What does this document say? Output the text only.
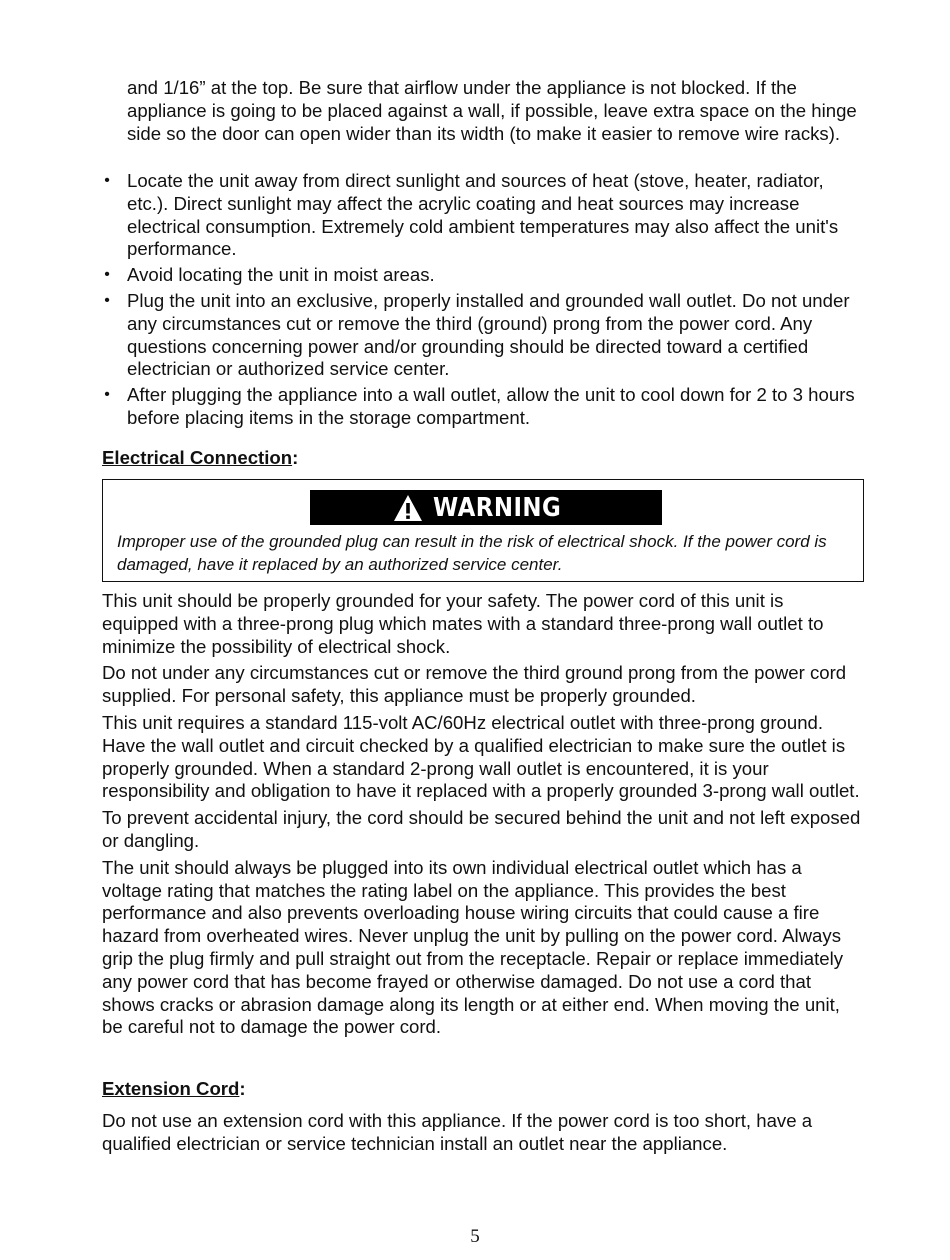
and 1/16” at the top. Be sure that airflow under the appliance is not blocked. If the appliance is going to be placed against a wall, if possible, leave extra space on the hinge side so the door can open wider than its width (to make it easier to remove wire racks).
• Locate the unit away from direct sunlight and sources of heat (stove, heater, radiator, etc.). Direct sunlight may affect the acrylic coating and heat sources may increase electrical consumption. Extremely cold ambient temperatures may also affect the unit's performance.
• Avoid locating the unit in moist areas.
• Plug the unit into an exclusive, properly installed and grounded wall outlet. Do not under any circumstances cut or remove the third (ground) prong from the power cord. Any questions concerning power and/or grounding should be directed toward a certified electrician or authorized service center.
• After plugging the appliance into a wall outlet, allow the unit to cool down for 2 to 3 hours before placing items in the storage compartment.
Electrical Connection:
WARNING
Improper use of the grounded plug can result in the risk of electrical shock. If the power cord is damaged, have it replaced by an authorized service center.

This unit should be properly grounded for your safety. The power cord of this unit is equipped with a three-prong plug which mates with a standard three-prong wall outlet to minimize the possibility of electrical shock.

Do not under any circumstances cut or remove the third ground prong from the power cord supplied. For personal safety, this appliance must be properly grounded.

This unit requires a standard 115-volt AC/60Hz electrical outlet with three-prong ground. Have the wall outlet and circuit checked by a qualified electrician to make sure the outlet is properly grounded. When a standard 2-prong wall outlet is encountered, it is your responsibility and obligation to have it replaced with a properly grounded 3-prong wall outlet.

To prevent accidental injury, the cord should be secured behind the unit and not left exposed or dangling.

The unit should always be plugged into its own individual electrical outlet which has a voltage rating that matches the rating label on the appliance. This provides the best performance and also prevents overloading house wiring circuits that could cause a fire hazard from overheated wires. Never unplug the unit by pulling on the power cord. Always grip the plug firmly and pull straight out from the receptacle. Repair or replace immediately any power cord that has become frayed or otherwise damaged. Do not use a cord that shows cracks or abrasion damage along its length or at either end. When moving the unit, be careful not to damage the power cord.

Extension Cord:

Do not use an extension cord with this appliance. If the power cord is too short, have a qualified electrician or service technician install an outlet near the appliance.

5
